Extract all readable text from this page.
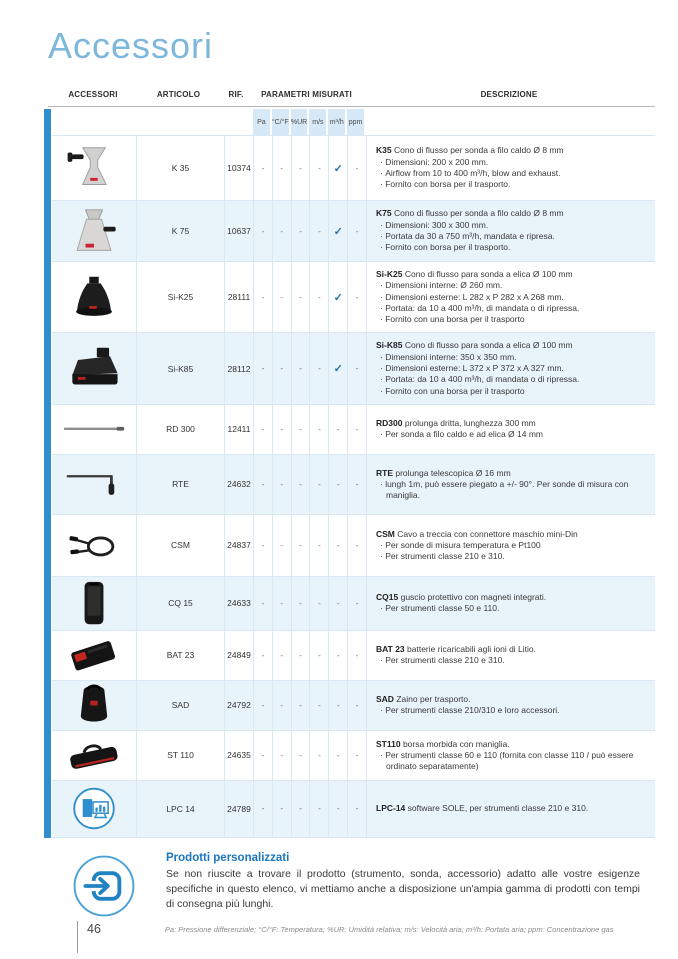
Accessori
ACCESSORI	ARTICOLO	RIF.	PARAMETRI MISURATI	DESCRIZIONE
Pa °C/°F %UR m/s m³/h ppm
K 35	10374	-	-	-	-	✓	-
K35 Cono di flusso per sonda a filo caldo Ø 8 mm
· Dimensioni: 200 x 200 mm.
· Airflow from 10 to 400 m³/h, blow and exhaust.
· Fornito con borsa per il trasporto.
K 75	10637	-	-	-	-	✓	-
K75 Cono di flusso per sonda a filo caldo Ø 8 mm
· Dimensioni: 300 x 300 mm.
· Portata da 30 a 750 m³/h, mandata e ripresa.
· Fornito con borsa per il trasporto.
Si-K25	28111	-	-	-	-	✓	-
Si-K25 Cono di flusso para sonda a elica Ø 100 mm
· Dimensioni interne: Ø 260 mm.
· Dimensioni esterne: L 282 x P 282 x A 268 mm.
· Portata: da 10 a 400 m³/h, di mandata o di ripressa.
· Fornito con una borsa per il trasporto
Si-K85	28112	-	-	-	-	✓	-
Si-K85 Cono di flusso para sonda a elica Ø 100 mm
· Dimensioni interne: 350 x 350 mm.
· Dimensioni esterne: L 372 x P 372 x A 327 mm.
· Portata: da 10 a 400 m³/h, di mandata o di ripressa.
· Fornito con una borsa per il trasporto
RD 300	12411	-	-	-	-	-	-
RD300 prolunga dritta, lunghezza 300 mm
· Per sonda a filo caldo e ad elica Ø 14 mm
RTE	24632	-	-	-	-	-	-
RTE prolunga telescopica Ø 16 mm
· lungh 1m, può essere piegato a +/- 90°. Per sonde di misura con maniglia.
CSM	24837	-	-	-	-	-	-
CSM Cavo a treccia con connettore maschio mini-Din
· Per sonde di misura temperatura e Pt100
· Per strumenti classe 210 e 310.
CQ 15	24633	-	-	-	-	-	-
CQ15 guscio protettivo con magneti integrati.
· Per strumenti classe 50 e 110.
BAT 23	24849	-	-	-	-	-	-
BAT 23 batterie ricaricabili agli ioni di Litio.
· Per strumenti classe 210 e 310.
SAD	24792	-	-	-	-	-	-
SAD Zaino per trasporto.
· Per strumenti classe 210/310 e loro accessori.
ST 110	24635	-	-	-	-	-	-
ST110 borsa morbida con maniglia.
· Per strumenti classe 60 e 110 (fornita con classe 110 / può essere ordinato separatamente)
LPC 14	24789	-	-	-	-	-	-	LPC-14 software SOLE, per strumenti classe 210 e 310.
Prodotti personalizzati

Se non riuscite a trovare il prodotto (strumento, sonda, accessorio) adatto alle vostre esigenze specifiche in questo elenco, vi mettiamo anche a disposizione un'ampia gamma di prodotti con tempi di consegna più lunghi.

46	Pa: Pressione differenziale; °C/°F: Temperatura; %UR: Umidità relativa; m/s: Velocità aria; m³/h: Portata aria; ppm: Concentrazione gas
